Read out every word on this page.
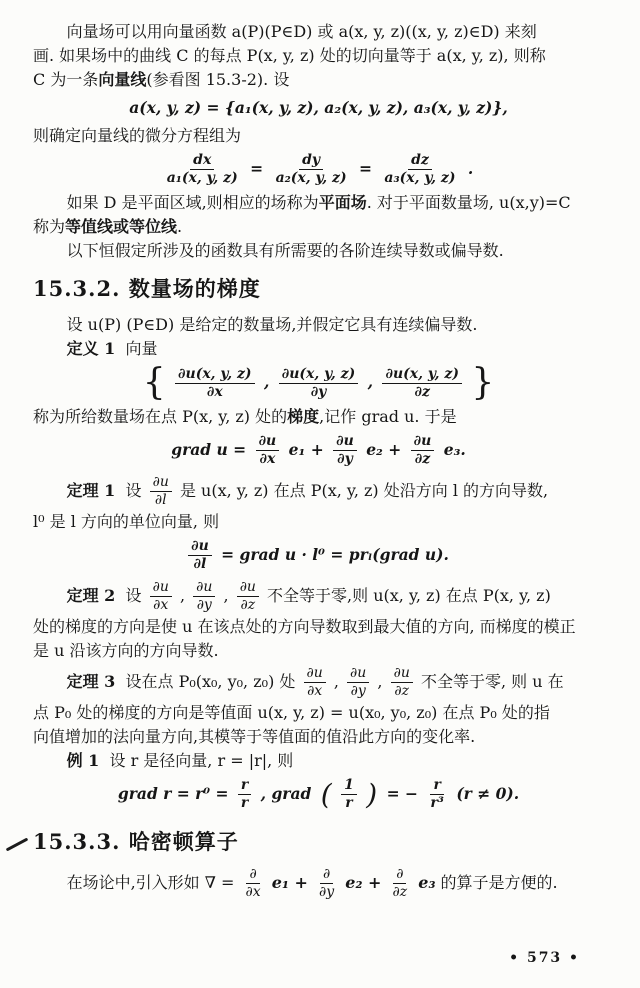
向量场可以用向量函数 a(P)(P∈D) 或 a(x, y, z)((x, y, z)∈D) 来刻
画. 如果场中的曲线 C 的每点 P(x, y, z) 处的切向量等于 a(x, y, z), 则称
C 为一条向量线(参看图 15.3-2). 设
a(x, y, z) = {a₁(x, y, z), a₂(x, y, z), a₃(x, y, z)},
则确定向量线的微分方程组为
$\frac{dx}{\text{a₁(x, y, z)}} = \frac{dy}{\text{a₂(x, y, z)}} = \frac{dz}{\text{a₃(x, y, z)}}$ .
如果 D 是平面区域,则相应的场称为平面场. 对于平面数量场, u(x,y)=C
称为等值线或等位线.
以下恒假定所涉及的函数具有所需要的各阶连续导数或偏导数.
15.3.2. 数量场的梯度
设 u(P) (P∈D) 是给定的数量场,并假定它具有连续偏导数.
定义 1 向量
{ $\frac{\partial u(x, y, z)}{\partial x}$ , $\frac{\partial u(x, y, z)}{\partial y}$ , $\frac{\partial u(x, y, z)}{\partial z}$ }
称为所给数量场在点 P(x, y, z) 处的梯度,记作 grad u. 于是
grad $u = \frac{\partial u}{\partial x} e_1 + \frac{\partial u}{\partial y} e_2 + \frac{\partial u}{\partial z} e_3$.
定理 1 设 $\frac{\partial u}{\partial l}$ 是 u(x, y, z) 在点 P(x, y, z) 处沿方向 l 的方向导数,
l⁰ 是 l 方向的单位向量, 则
$\frac{\partial u}{\partial l}$ = grad u · l⁰ = prₗ(grad u).
定理 2 设 $\frac{\partial u}{\partial x}$ , $\frac{\partial u}{\partial y}$ , $\frac{\partial u}{\partial z}$ 不全等于零,则 u(x, y, z) 在点 P(x, y, z)
处的梯度的方向是使 u 在该点处的方向导数取到最大值的方向, 而梯度的模正
是 u 沿该方向的方向导数.
定理 3 设在点 P₀(x₀, y₀, z₀) 处 $\frac{\partial u}{\partial x}$ , $\frac{\partial u}{\partial y}$ , $\frac{\partial u}{\partial z}$ 不全等于零, 则 u 在
点 P₀ 处的梯度的方向是等值面 u(x, y, z) = u(x₀, y₀, z₀) 在点 P₀ 处的指
向值增加的法向量方向,其模等于等值面的值沿此方向的变化率.
例 1 设 r 是径向量, r = |r|, 则
grad $r = r^0 = \frac{r}{r}$ , grad ( $\frac{1}{r}$ ) = − $\frac{r}{\text{r³}} (r \ne 0)$.
15.3.3. 哈密顿算子
在场论中,引入形如 ∇ = $\frac{\partial}{\partial x} e_1 + \frac{\partial}{\partial y} e_2 + \frac{\partial}{\partial z} e_3$ 的算子是方便的.
• 573 •
